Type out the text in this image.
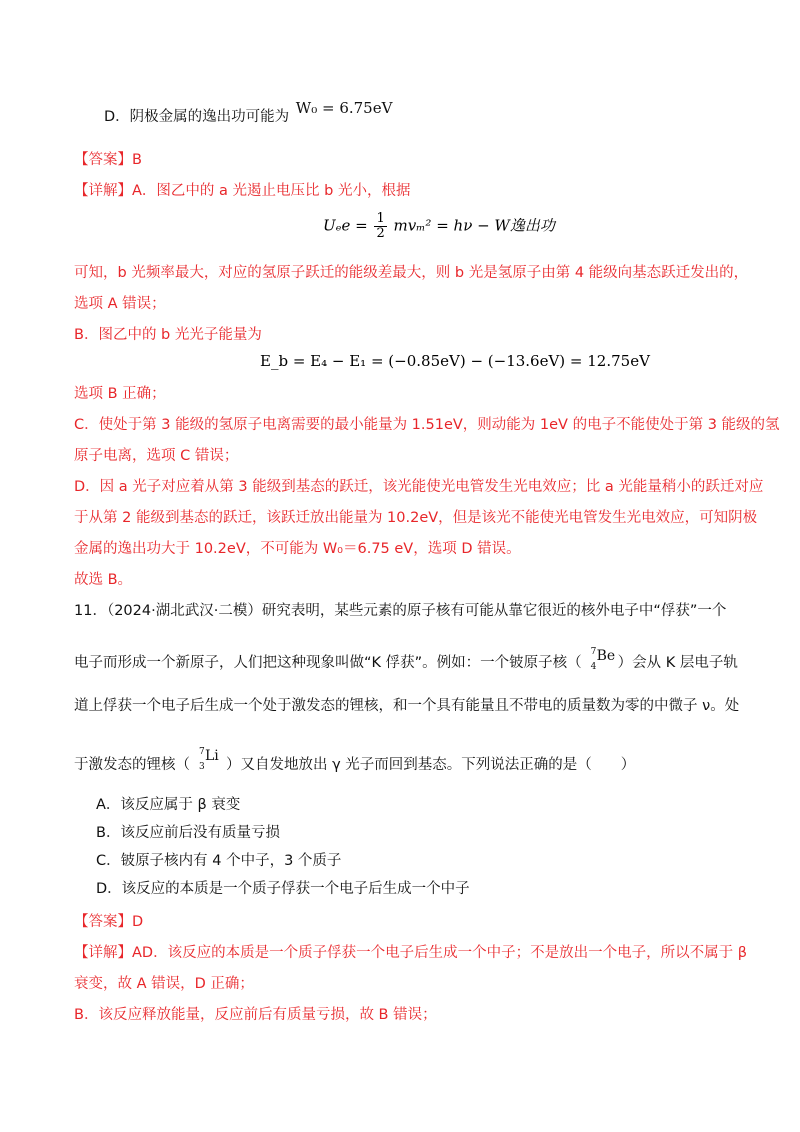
D．阴极金属的逸出功可能为 W₀ = 6.75eV
【答案】B
【详解】A．图乙中的 a 光遏止电压比 b 光小，根据
$U_ee = \frac{1}{2} mv_m^2 = h\nu - W$逸出功
可知，b 光频率最大，对应的氢原子跃迁的能级差最大，则 b 光是氢原子由第 4 能级向基态跃迁发出的，
选项 A 错误；
B．图乙中的 b 光光子能量为
E_b = E₄ − E₁ = (−0.85eV) − (−13.6eV) = 12.75eV
选项 B 正确；
C．使处于第 3 能级的氢原子电离需要的最小能量为 1.51eV，则动能为 1eV 的电子不能使处于第 3 能级的氢
原子电离，选项 C 错误；
D．因 a 光子对应着从第 3 能级到基态的跃迁，该光能使光电管发生光电效应；比 a 光能量稍小的跃迁对应
于从第 2 能级到基态的跃迁，该跃迁放出能量为 10.2eV，但是该光不能使光电管发生光电效应，可知阴极
金属的逸出功大于 10.2eV，不可能为 W₀＝6.75 eV，选项 D 错误。
故选 B。
11．（2024·湖北武汉·二模）研究表明，某些元素的原子核有可能从靠它很近的核外电子中“俘获”一个
电子而形成一个新原子，人们把这种现象叫做“K 俘获”。例如：一个铍原子核（
7
4
Be ）会从 K 层电子轨
道上俘获一个电子后生成一个处于激发态的锂核，和一个具有能量且不带电的质量数为零的中微子 ν。处
于激发态的锂核（
7
3
Li
）又自发地放出 γ 光子而回到基态。下列说法正确的是（　　）
A．该反应属于 β 衰变
B．该反应前后没有质量亏损
C．铍原子核内有 4 个中子，3 个质子
D．该反应的本质是一个质子俘获一个电子后生成一个中子
【答案】D
【详解】AD．该反应的本质是一个质子俘获一个电子后生成一个中子；不是放出一个电子，所以不属于 β
衰变，故 A 错误，D 正确；
B．该反应释放能量，反应前后有质量亏损，故 B 错误；
